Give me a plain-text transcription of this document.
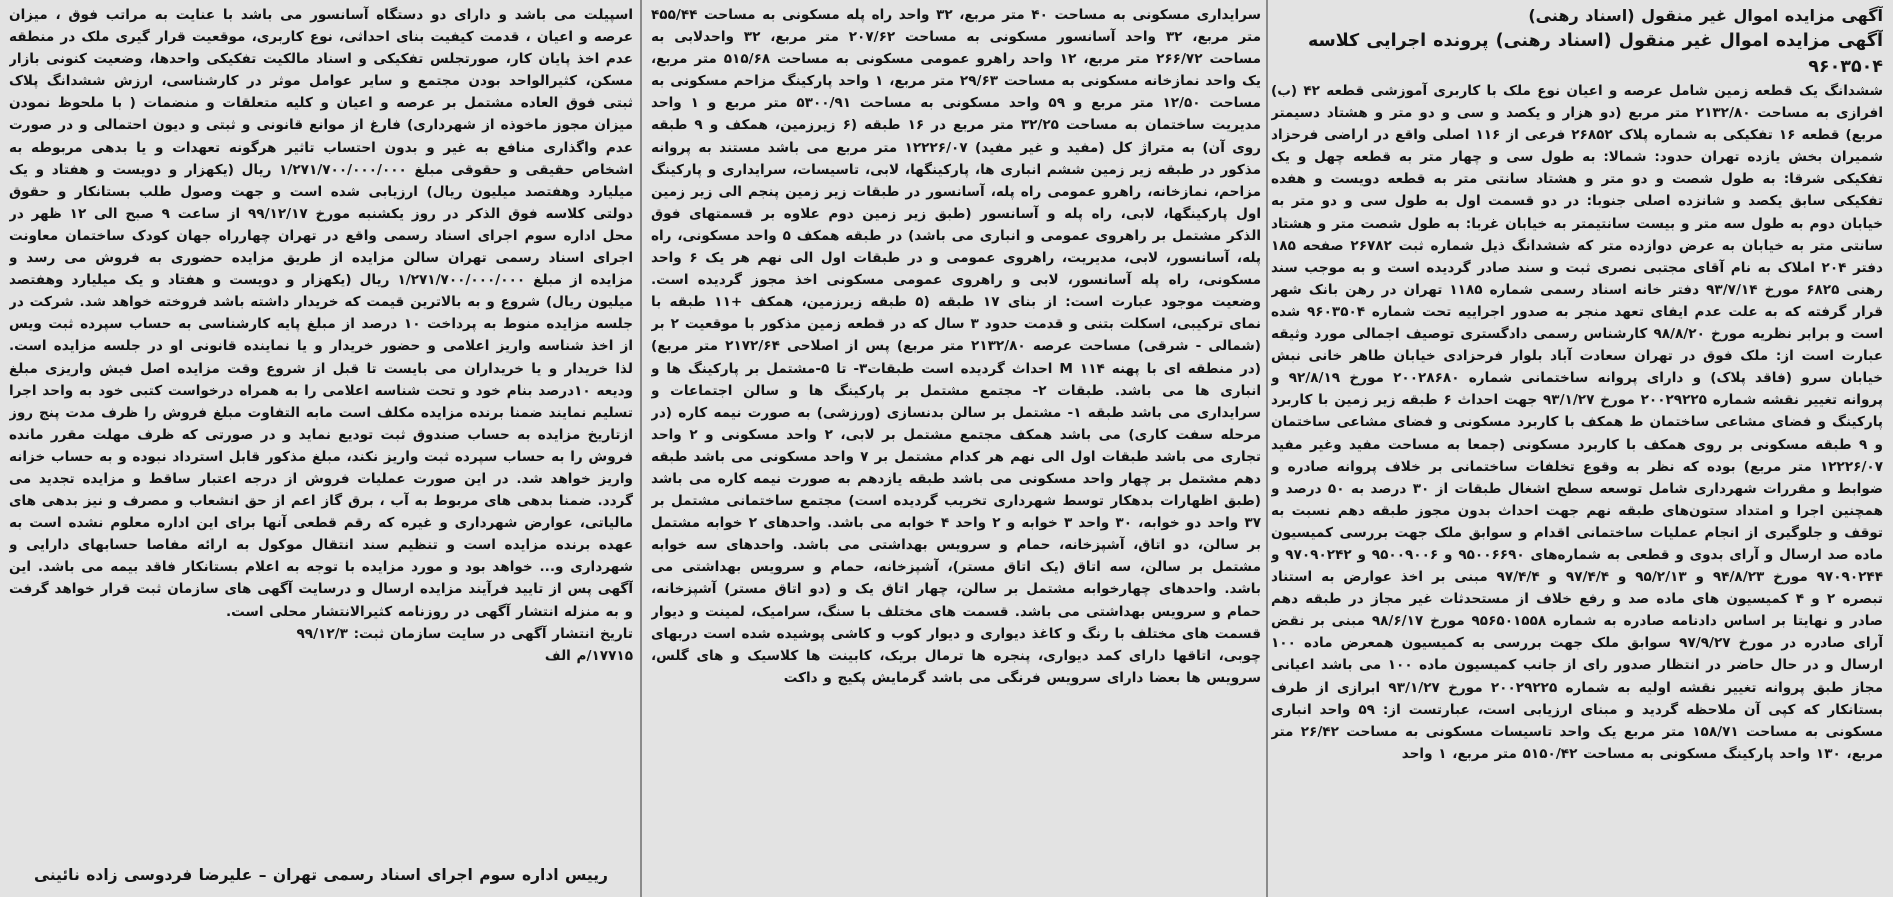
آگهی مزایده اموال غیر منقول (اسناد رهنی)

آگهی مزایده اموال غیر منقول (اسناد رهنی) پرونده اجرایی کلاسه ۹۶۰۳۵۰۴

ششدانگ یک قطعه زمین شامل عرصه و اعیان نوع ملک با کاربری آموزشی قطعه ۴۲ (ب) افرازی به مساحت ۲۱۳۲/۸۰ متر مربع (دو هزار و یکصد و سی و دو متر و هشتاد دسیمتر مربع) قطعه ۱۶ تفکیکی به شماره پلاک ۲۶۸۵۲ فرعی از ۱۱۶ اصلی واقع در اراضی فرحزاد شمیران بخش یازده تهران حدود: شمالا: به طول سی و چهار متر به قطعه چهل و یک تفکیکی شرقا: به طول شصت و دو متر و هشتاد سانتی متر به قطعه دویست و هفده تفکیکی سابق یکصد و شانزده اصلی جنوبا: در دو قسمت اول به طول سی و دو متر به خیابان دوم به طول سه متر و بیست سانتیمتر به خیابان غربا: به طول شصت متر و هشتاد سانتی متر به خیابان به عرض دوازده متر که ششدانگ ذیل شماره ثبت ۲۶۷۸۲ صفحه ۱۸۵ دفتر ۲۰۴ املاک به نام آقای مجتبی نصری ثبت و سند صادر گردیده است و به موجب سند رهنی ۶۸۲۵ مورخ ۹۳/۷/۱۴ دفتر خانه اسناد رسمی شماره ۱۱۸۵ تهران در رهن بانک شهر قرار گرفته که به علت عدم ایفای تعهد منجر به صدور اجراییه تحت شماره ۹۶۰۳۵۰۴ شده است و برابر نظریه مورخ ۹۸/۸/۲۰ کارشناس رسمی دادگستری توصیف اجمالی مورد وثیقه عبارت است از: ملک فوق در تهران سعادت آباد بلوار فرحزادی خیابان طاهر خانی نبش خیابان سرو (فاقد پلاک) و دارای پروانه ساختمانی شماره ۲۰۰۲۸۶۸۰ مورخ ۹۲/۸/۱۹ و پروانه تغییر نقشه شماره ۲۰۰۲۹۲۲۵ مورخ ۹۳/۱/۲۷ جهت احداث ۶ طبقه زیر زمین با کاربرد پارکینگ و فضای مشاعی ساختمان ط همکف با کاربرد مسکونی و فضای مشاعی ساختمان و ۹ طبقه مسکونی بر روی همکف با کاربرد مسکونی (جمعا به مساحت مفید وغیر مفید ۱۲۲۲۶/۰۷ متر مربع) بوده که نظر به وقوع تخلفات ساختمانی بر خلاف پروانه صادره و ضوابط و مقررات شهرداری شامل توسعه سطح اشغال طبقات از ۳۰ درصد به ۵۰ درصد و همچنین اجرا و امتداد ستون‌های طبقه نهم جهت احداث بدون مجوز طبقه دهم نسبت به توقف و جلوگیری از انجام عملیات ساختمانی اقدام و سوابق ملک جهت بررسی کمیسیون ماده صد ارسال و آرای بدوی و قطعی به شماره‌های ۹۵۰۰۶۶۹۰ و ۹۵۰۰۹۰۰۶ و ۹۷۰۹۰۲۴۲ و ۹۷۰۹۰۲۴۴ مورخ ۹۴/۸/۲۳ و ۹۵/۲/۱۳ و ۹۷/۴/۴ و ۹۷/۴/۴ مبنی بر اخذ عوارض به استناد تبصره ۲ و ۴ کمیسیون های ماده صد و رفع خلاف از مستحدثات غیر مجاز در طبقه دهم صادر و نهایتا بر اساس دادنامه صادره به شماره ۹۵۶۵۰۱۵۵۸ مورخ ۹۸/۶/۱۷ مبنی بر نقض آرای صادره در مورخ ۹۷/۹/۲۷ سوابق ملک جهت بررسی به کمیسیون همعرض ماده ۱۰۰ ارسال و در حال حاضر در انتظار صدور رای از جانب کمیسیون ماده ۱۰۰ می باشد اعیانی مجاز طبق پروانه تغییر نقشه اولیه به شماره ۲۰۰۲۹۲۲۵ مورخ ۹۳/۱/۲۷ ابرازی از طرف بستانکار که کپی آن ملاحظه گردید و مبنای ارزیابی است، عبارتست از: ۵۹ واحد انباری مسکونی به مساحت ۱۵۸/۷۱ متر مربع یک واحد تاسیسات مسکونی به مساحت ۲۶/۴۲ متر مربع، ۱۳۰ واحد پارکینگ مسکونی به مساحت ۵۱۵۰/۴۲ متر مربع، ۱ واحد

سرایداری مسکونی به مساحت ۴۰ متر مربع، ۳۲ واحد راه پله مسکونی به مساحت ۴۵۵/۴۴ متر مربع، ۳۲ واحد آسانسور مسکونی به مساحت ۲۰۷/۶۲ متر مربع، ۳۲ واحدلابی به مساحت ۲۶۶/۷۲ متر مربع، ۱۲ واحد راهرو عمومی مسکونی به مساحت ۵۱۵/۶۸ متر مربع، یک واحد نمازخانه مسکونی به مساحت ۲۹/۶۳ متر مربع، ۱ واحد پارکینگ مزاحم مسکونی به مساحت ۱۲/۵۰ متر مربع و ۵۹ واحد مسکونی به مساحت ۵۳۰۰/۹۱ متر مربع و ۱ واحد مدیریت ساختمان به مساحت ۳۲/۲۵ متر مربع در ۱۶ طبقه (۶ زیرزمین، همکف و ۹ طبقه روی آن) به متراژ کل (مفید و غیر مفید) ۱۲۲۲۶/۰۷ متر مربع می باشد مستند به پروانه مذکور در طبقه زیر زمین ششم انباری ها، پارکینگها، لابی، تاسیسات، سرایداری و پارکینگ مزاحم، نمازخانه، راهرو عمومی راه پله، آسانسور در طبقات زیر زمین پنجم الی زیر زمین اول پارکینگها، لابی، راه پله و آسانسور (طبق زیر زمین دوم علاوه بر قسمتهای فوق الذکر مشتمل بر راهروی عمومی و انباری می باشد) در طبقه همکف ۵ واحد مسکونی، راه پله، آسانسور، لابی، مدیریت، راهروی عمومی و در طبقات اول الی نهم هر یک ۶ واحد مسکونی، راه پله آسانسور، لابی و راهروی عمومی مسکونی اخذ مجوز گردیده است. وضعیت موجود عبارت است: از بنای ۱۷ طبقه (۵ طبقه زیرزمین، همکف +۱۱ طبقه با نمای ترکیبی، اسکلت بتنی و قدمت حدود ۳ سال که در قطعه زمین مذکور با موقعیت ۲ بر (شمالی - شرقی) مساحت عرصه ۲۱۳۲/۸۰ متر مربع) پس از اصلاحی ۲۱۷۲/۶۴ متر مربع) (در منطقه ای با پهنه M ۱۱۴ احداث گردیده است طبقات۳- تا ۵-مشتمل بر پارکینگ ها و انباری ها می باشد. طبقات ۲- مجتمع مشتمل بر پارکینگ ها و سالن اجتماعات و سرایداری می باشد طبقه ۱- مشتمل بر سالن بدنسازی (ورزشی) به صورت نیمه کاره (در مرحله سفت کاری) می باشد همکف مجتمع مشتمل بر لابی، ۲ واحد مسکونی و ۲ واحد تجاری می باشد طبقات اول الی نهم هر کدام مشتمل بر ۷ واحد مسکونی می باشد طبقه دهم مشتمل بر چهار واحد مسکونی می باشد طبقه یازدهم به صورت نیمه کاره می باشد (طبق اظهارات بدهکار توسط شهرداری تخریب گردیده است) مجتمع ساختمانی مشتمل بر ۳۷ واحد دو خوابه، ۳۰ واحد ۳ خوابه و ۲ واحد ۴ خوابه می باشد. واحدهای ۲ خوابه مشتمل بر سالن، دو اتاق، آشپزخانه، حمام و سرویس بهداشتی می باشد. واحدهای سه خوابه مشتمل بر سالن، سه اتاق (یک اتاق مستر)، آشپزخانه، حمام و سرویس بهداشتی می باشد. واحدهای چهارخوابه مشتمل بر سالن، چهار اتاق یک و (دو اتاق مستر) آشپزخانه، حمام و سرویس بهداشتی می باشد. قسمت های مختلف با سنگ، سرامیک، لمینت و دیوار قسمت های مختلف با رنگ و کاغذ دیواری و دیوار کوب و کاشی پوشیده شده است دربهای چوبی، اتاقها دارای کمد دیواری، پنجره ها ترمال بریک، کابینت ها کلاسیک و های گلس، سرویس ها بعضا دارای سرویس فرنگی می باشد گرمایش پکیج و داکت

اسپیلت می باشد و دارای دو دستگاه آسانسور می باشد با عنایت به مراتب فوق ، میزان عرصه و اعیان ، قدمت کیفیت بنای احداثی، نوع کاربری، موقعیت قرار گیری ملک در منطقه عدم اخذ پایان کار، صورتجلس تفکیکی و اسناد مالکیت تفکیکی واحدها، وضعیت کنونی بازار مسکن، کثیرالواحد بودن مجتمع و سایر عوامل موثر در کارشناسی، ارزش ششدانگ پلاک ثبتی فوق العاده مشتمل بر عرصه و اعیان و کلیه متعلقات و منضمات ( با ملحوظ نمودن میزان مجوز ماخوذه از شهرداری) فارغ از موانع قانونی و ثبتی و دیون احتمالی و در صورت عدم واگذاری منافع به غیر و بدون احتساب تاثیر هرگونه تعهدات و یا بدهی مربوطه به اشخاص حقیقی و حقوقی مبلغ ۱/۲۷۱/۷۰۰/۰۰۰/۰۰۰ ریال (یکهزار و دویست و هفتاد و یک میلیارد وهفتصد میلیون ریال) ارزیابی شده است و جهت وصول طلب بستانکار و حقوق دولتی کلاسه فوق الذکر در روز یکشنبه مورخ ۹۹/۱۲/۱۷ از ساعت ۹ صبح الی ۱۲ ظهر در محل اداره سوم اجرای اسناد رسمی واقع در تهران چهارراه جهان کودک ساختمان معاونت اجرای اسناد رسمی تهران سالن مزایده از طریق مزایده حضوری به فروش می رسد و مزایده از مبلغ ۱/۲۷۱/۷۰۰/۰۰۰/۰۰۰ ریال (یکهزار و دویست و هفتاد و یک میلیارد وهفتصد میلیون ریال) شروع و به بالاترین قیمت که خریدار داشته باشد فروخته خواهد شد. شرکت در جلسه مزایده منوط به پرداخت ۱۰ درصد از مبلغ پایه کارشناسی به حساب سپرده ثبت ویس از اخذ شناسه واریز اعلامی و حضور خریدار و یا نماینده قانونی او در جلسه مزایده است. لذا خریدار و یا خریداران می بایست تا قبل از شروع وقت مزایده اصل فیش واریزی مبلغ ودیعه ۱۰درصد بنام خود و تحت شناسه اعلامی را به همراه درخواست کتبی خود به واحد اجرا تسلیم نمایند ضمنا برنده مزایده مکلف است مابه التفاوت مبلغ فروش را ظرف مدت پنج روز ازتاریخ مزایده به حساب صندوق ثبت تودیع نماید و در صورتی که ظرف مهلت مقرر مانده فروش را به حساب سپرده ثبت واریز نکند، مبلغ مذکور قابل استرداد نبوده و به حساب خزانه واریز خواهد شد. در این صورت عملیات فروش از درجه اعتبار ساقط و مزایده تجدید می گردد. ضمنا بدهی های مربوط به آب ، برق گاز اعم از حق انشعاب و مصرف و نیز بدهی های مالیاتی، عوارض شهرداری و غیره که رقم قطعی آنها برای این اداره معلوم نشده است به عهده برنده مزایده است و تنظیم سند انتقال موکول به ارائه مفاصا حسابهای دارایی و شهرداری و... خواهد بود و مورد مزایده با توجه به اعلام بستانکار فاقد بیمه می باشد. این آگهی پس از تایید فرآیند مزایده ارسال و درسایت آگهی های سازمان ثبت قرار خواهد گرفت و به منزله انتشار آگهی در روزنامه کثیرالانتشار محلی است.

تاریخ انتشار آگهی در سایت سازمان ثبت: ۹۹/۱۲/۳

۱۷۷۱۵/م الف

رییس اداره سوم اجرای اسناد رسمی تهران – علیرضا فردوسی زاده نائینی
